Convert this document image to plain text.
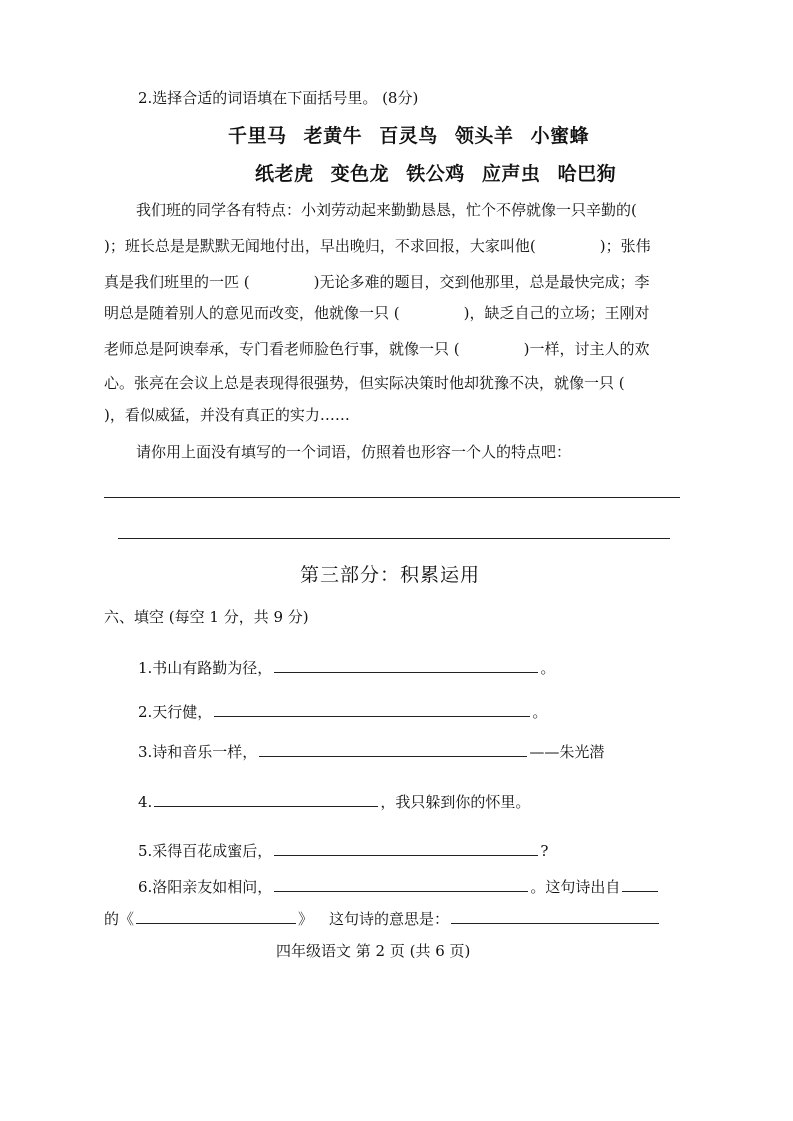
2.选择合适的词语填在下面括号里。 (8分)
千里马 老黄牛 百灵鸟 领头羊 小蜜蜂
纸老虎 变色龙 铁公鸡 应声虫 哈巴狗
我们班的同学各有特点：小刘劳动起来勤勤恳恳，忙个不停就像一只辛勤的(
)；班长总是是默默无闻地付出，早出晚归，不求回报，大家叫他(	)；张伟
真是我们班里的一匹 (	)无论多难的题目，交到他那里，总是最快完成；李
明总是随着别人的意见而改变，他就像一只 (	)，缺乏自己的立场；王刚对
老师总是阿谀奉承，专门看老师脸色行事，就像一只 (	)一样，讨主人的欢
心。张亮在会议上总是表现得很强势，但实际决策时他却犹豫不决，就像一只 (
)，看似威猛，并没有真正的实力……
请你用上面没有填写的一个词语，仿照着也形容一个人的特点吧：
第三部分：积累运用
六、填空 (每空 1 分，共 9 分)
1.书山有路勤为径，	。
2.天行健，	。
3.诗和音乐一样，	——朱光潜
4.	，我只躲到你的怀里。
5.采得百花成蜜后，	?
6.洛阳亲友如相问，	。这句诗出自
的《	》 这句诗的意思是：
四年级语文 第 2 页 (共 6 页)
